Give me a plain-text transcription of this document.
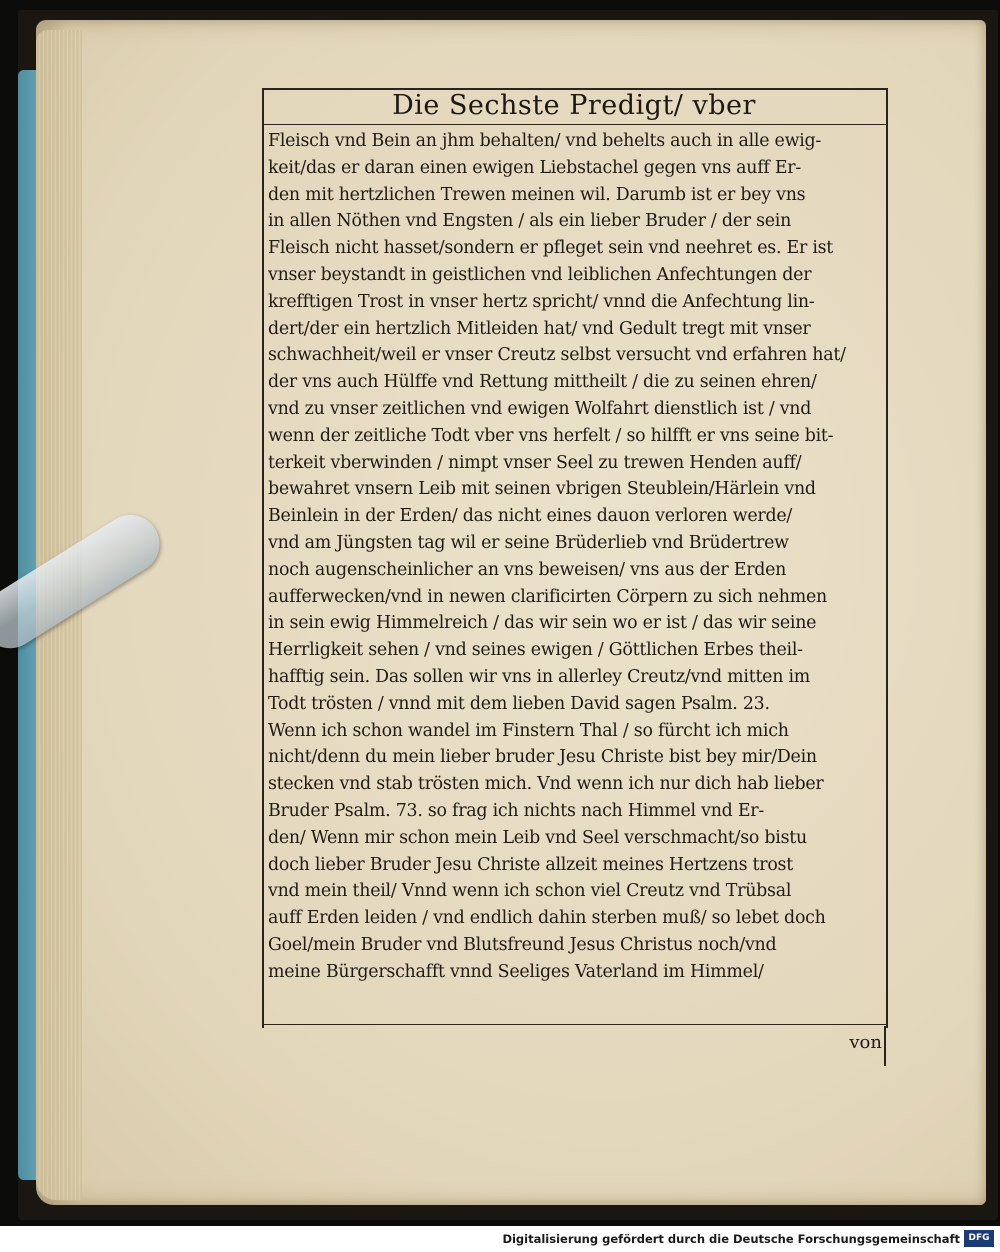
Die Sechste Predigt/ vber
Fleisch vnd Bein an jhm behalten/ vnd behelts auch in alle ewig-
keit/das er daran einen ewigen Liebstachel gegen vns auff Er-
den mit hertzlichen Trewen meinen wil. Darumb ist er bey vns
in allen Nöthen vnd Engsten / als ein lieber Bruder / der sein
Fleisch nicht hasset/sondern er pfleget sein vnd neehret es. Er ist
vnser beystandt in geistlichen vnd leiblichen Anfechtungen der
krefftigen Trost in vnser hertz spricht/ vnnd die Anfechtung lin-
dert/der ein hertzlich Mitleiden hat/ vnd Gedult tregt mit vnser
schwachheit/weil er vnser Creutz selbst versucht vnd erfahren hat/
der vns auch Hülffe vnd Rettung mittheilt / die zu seinen ehren/
vnd zu vnser zeitlichen vnd ewigen Wolfahrt dienstlich ist / vnd
wenn der zeitliche Todt vber vns herfelt / so hilfft er vns seine bit-
terkeit vberwinden / nimpt vnser Seel zu trewen Henden auff/
bewahret vnsern Leib mit seinen vbrigen Steublein/Härlein vnd
Beinlein in der Erden/ das nicht eines dauon verloren werde/
vnd am Jüngsten tag wil er seine Brüderlieb vnd Brüdertrew
noch augenscheinlicher an vns beweisen/ vns aus der Erden
aufferwecken/vnd in newen clarificirten Cörpern zu sich nehmen
in sein ewig Himmelreich / das wir sein wo er ist / das wir seine
Herrligkeit sehen / vnd seines ewigen / Göttlichen Erbes theil-
hafftig sein. Das sollen wir vns in allerley Creutz/vnd mitten im
Todt trösten / vnnd mit dem lieben David sagen Psalm. 23.
Wenn ich schon wandel im Finstern Thal / so fürcht ich mich
nicht/denn du mein lieber bruder Jesu Christe bist bey mir/Dein
stecken vnd stab trösten mich. Vnd wenn ich nur dich hab lieber
Bruder Psalm. 73. so frag ich nichts nach Himmel vnd Er-
den/ Wenn mir schon mein Leib vnd Seel verschmacht/so bistu
doch lieber Bruder Jesu Christe allzeit meines Hertzens trost
vnd mein theil/ Vnnd wenn ich schon viel Creutz vnd Trübsal
auff Erden leiden / vnd endlich dahin sterben muß/ so lebet doch
Goel/mein Bruder vnd Blutsfreund Jesus Christus noch/vnd
meine Bürgerschafft vnnd Seeliges Vaterland im Himmel/
von
Digitalisierung gefördert durch die Deutsche Forschungsgemeinschaft DFG
